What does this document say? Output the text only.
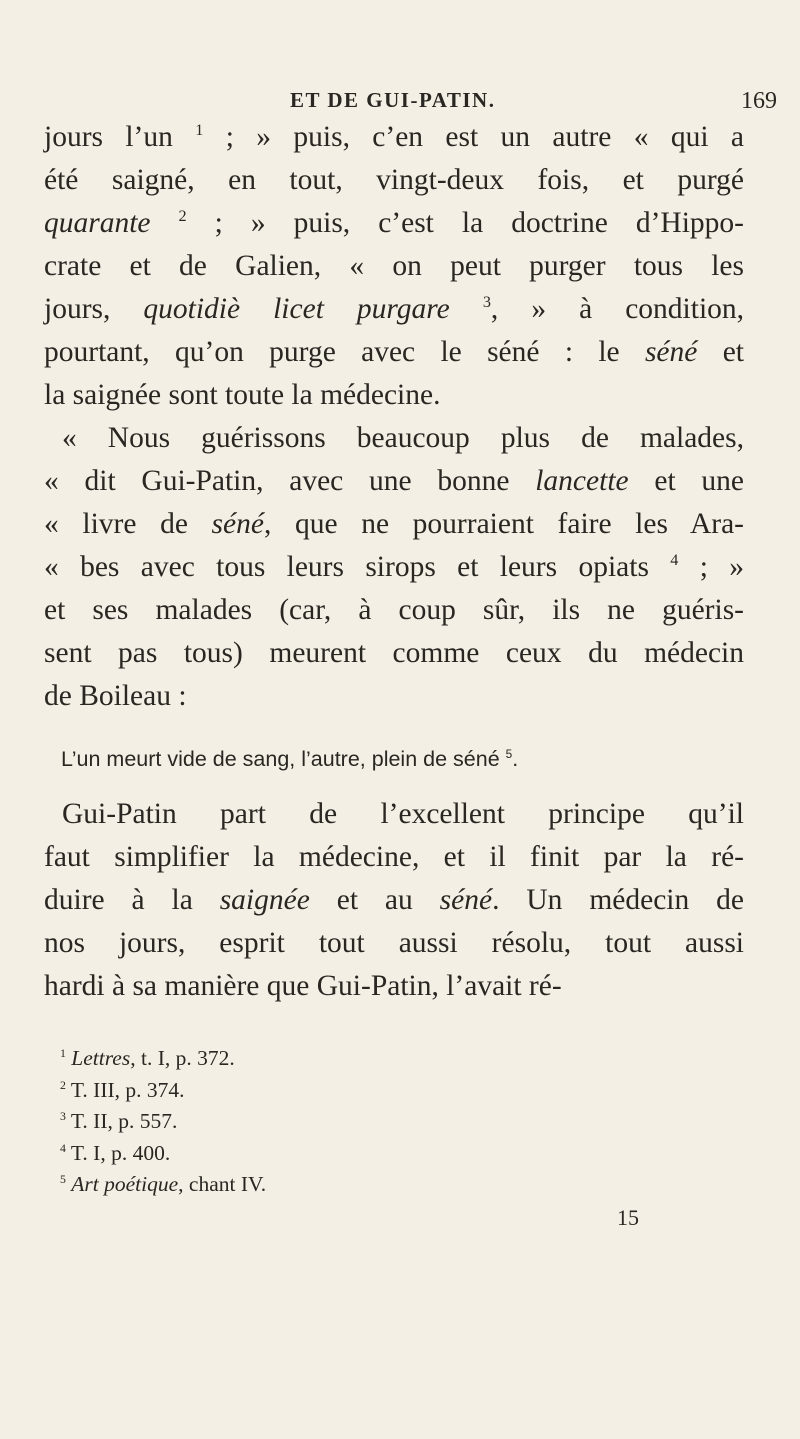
ET DE GUI-PATIN.	169
jours l’un $^1$ ; » puis, c’en est un autre « qui a
été saigné, en tout, vingt-deux fois, et purgé
quarante $^2$ ; » puis, c’est la doctrine d’Hippo-
crate et de Galien, « on peut purger tous les
jours, quotidiè licet purgare $^3$, » à condition,
pourtant, qu’on purge avec le séné : le séné et
la saignée sont toute la médecine.
« Nous guérissons beaucoup plus de malades,
« dit Gui-Patin, avec une bonne lancette et une
« livre de séné, que ne pourraient faire les Ara-
« bes avec tous leurs sirops et leurs opiats $^4$ ; »
et ses malades (car, à coup sûr, ils ne guéris-
sent pas tous) meurent comme ceux du médecin
de Boileau :
L’un meurt vide de sang, l’autre, plein de séné $^5$.
Gui-Patin part de l’excellent principe qu’il
faut simplifier la médecine, et il finit par la ré-
duire à la saignée et au séné. Un médecin de
nos jours, esprit tout aussi résolu, tout aussi
hardi à sa manière que Gui-Patin, l’avait ré-
$^1$ Lettres, t. I, p. 372.
$^2$ T. III, p. 374.
$^3$ T. II, p. 557.
$^4$ T. I, p. 400.
$^5$ Art poétique, chant IV.
15
